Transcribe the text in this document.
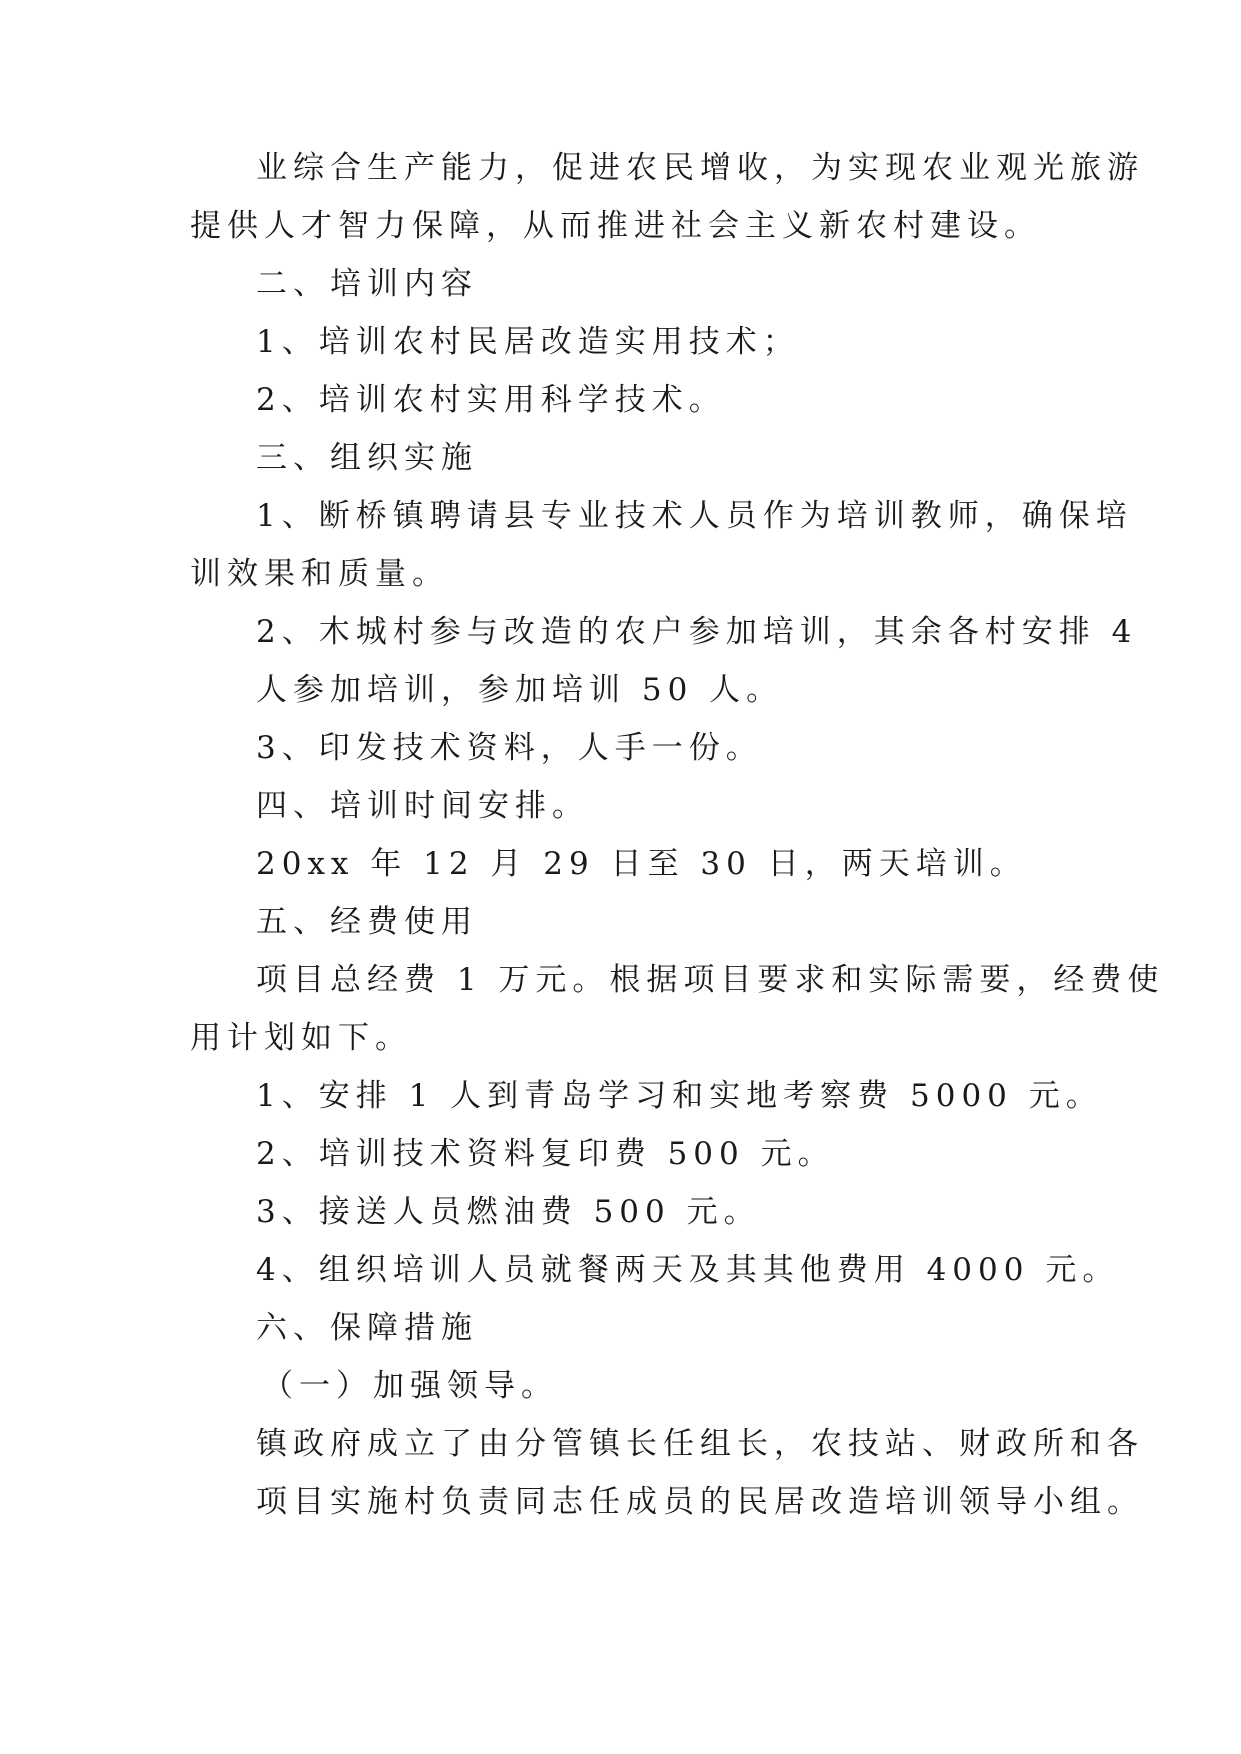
业综合生产能力，促进农民增收，为实现农业观光旅游

提供人才智力保障，从而推进社会主义新农村建设。

二、培训内容

1、培训农村民居改造实用技术；

2、培训农村实用科学技术。

三、组织实施

1、断桥镇聘请县专业技术人员作为培训教师，确保培

训效果和质量。

2、木城村参与改造的农户参加培训，其余各村安排 4

人参加培训，参加培训 50 人。

3、印发技术资料，人手一份。

四、培训时间安排。

20xx 年 12 月 29 日至 30 日，两天培训。

五、经费使用

项目总经费 1 万元。根据项目要求和实际需要，经费使

用计划如下。

1、安排 1 人到青岛学习和实地考察费 5000 元。

2、培训技术资料复印费 500 元。

3、接送人员燃油费 500 元。

4、组织培训人员就餐两天及其其他费用 4000 元。

六、保障措施

（一）加强领导。

镇政府成立了由分管镇长任组长，农技站、财政所和各

项目实施村负责同志任成员的民居改造培训领导小组。
